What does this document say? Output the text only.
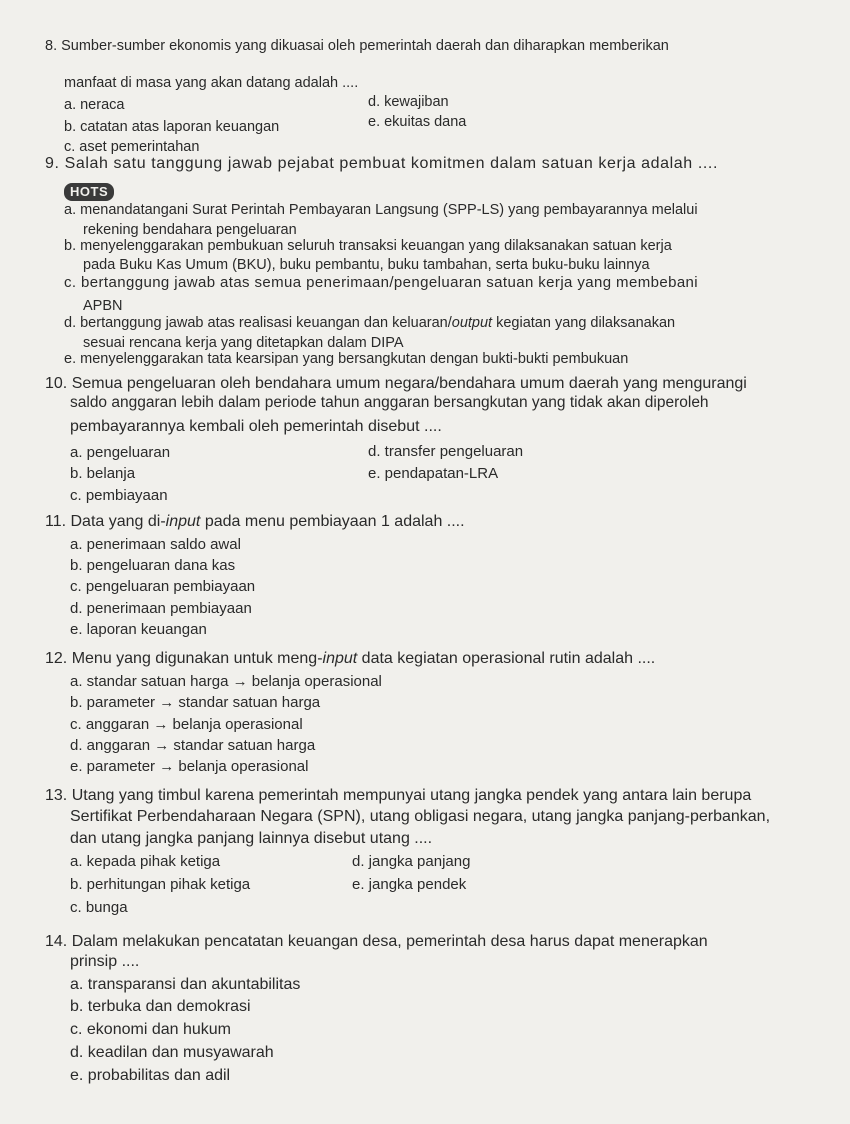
8. Sumber-sumber ekonomis yang dikuasai oleh pemerintah daerah dan diharapkan memberikan
manfaat di masa yang akan datang adalah ....
a. neraca
b. catatan atas laporan keuangan
c. aset pemerintahan
d. kewajiban
e. ekuitas dana
9. Salah satu tanggung jawab pejabat pembuat komitmen dalam satuan kerja adalah ....
HOTS
a. menandatangani Surat Perintah Pembayaran Langsung (SPP-LS) yang pembayarannya melalui
rekening bendahara pengeluaran
b. menyelenggarakan pembukuan seluruh transaksi keuangan yang dilaksanakan satuan kerja
pada Buku Kas Umum (BKU), buku pembantu, buku tambahan, serta buku-buku lainnya
c. bertanggung jawab atas semua penerimaan/pengeluaran satuan kerja yang membebani
APBN
d. bertanggung jawab atas realisasi keuangan dan keluaran/output kegiatan yang dilaksanakan
sesuai rencana kerja yang ditetapkan dalam DIPA
e. menyelenggarakan tata kearsipan yang bersangkutan dengan bukti-bukti pembukuan
10. Semua pengeluaran oleh bendahara umum negara/bendahara umum daerah yang mengurangi
saldo anggaran lebih dalam periode tahun anggaran bersangkutan yang tidak akan diperoleh
pembayarannya kembali oleh pemerintah disebut ....
a. pengeluaran
b. belanja
c. pembiayaan
d. transfer pengeluaran
e. pendapatan-LRA
11. Data yang di-input pada menu pembiayaan 1 adalah ....
a. penerimaan saldo awal
b. pengeluaran dana kas
c. pengeluaran pembiayaan
d. penerimaan pembiayaan
e. laporan keuangan
12. Menu yang digunakan untuk meng-input data kegiatan operasional rutin adalah ....
a. standar satuan harga → belanja operasional
b. parameter → standar satuan harga
c. anggaran → belanja operasional
d. anggaran → standar satuan harga
e. parameter → belanja operasional
13. Utang yang timbul karena pemerintah mempunyai utang jangka pendek yang antara lain berupa
Sertifikat Perbendaharaan Negara (SPN), utang obligasi negara, utang jangka panjang-perbankan,
dan utang jangka panjang lainnya disebut utang ....
a. kepada pihak ketiga
b. perhitungan pihak ketiga
c. bunga
d. jangka panjang
e. jangka pendek
14. Dalam melakukan pencatatan keuangan desa, pemerintah desa harus dapat menerapkan
prinsip ....
a. transparansi dan akuntabilitas
b. terbuka dan demokrasi
c. ekonomi dan hukum
d. keadilan dan musyawarah
e. probabilitas dan adil
